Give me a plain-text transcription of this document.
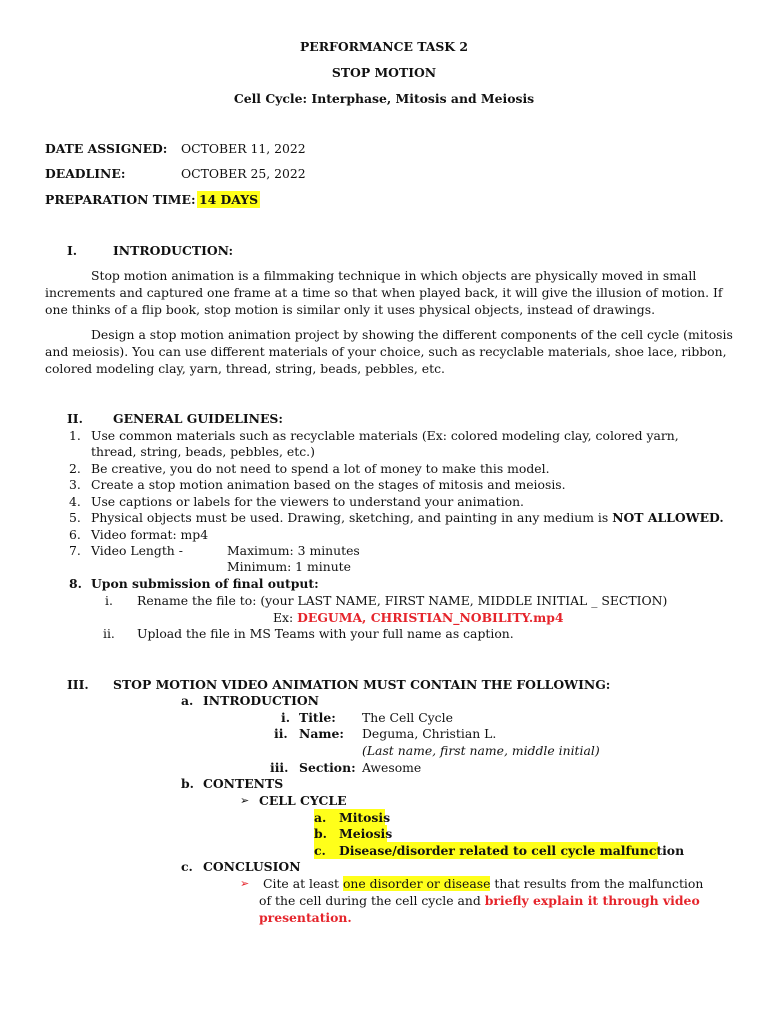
PERFORMANCE TASK 2
STOP MOTION
Cell Cycle: Interphase, Mitosis and Meiosis
DATE ASSIGNED: OCTOBER 11, 2022
DEADLINE:	OCTOBER 25, 2022
PREPARATION TIME: 14 DAYS
I.	INTRODUCTION:

Stop motion animation is a filmmaking technique in which objects are physically moved in small increments and captured one frame at a time so that when played back, it will give the illusion of motion. If one thinks of a flip book, stop motion is similar only it uses physical objects, instead of drawings.

Design a stop motion animation project by showing the different components of the cell cycle (mitosis and meiosis). You can use different materials of your choice, such as recyclable materials, shoe lace, ribbon, colored modeling clay, yarn, thread, string, beads, pebbles, etc.

II. GENERAL GUIDELINES:
1. Use common materials such as recyclable materials (Ex: colored modeling clay, colored yarn,
thread, string, beads, pebbles, etc.)
2. Be creative, you do not need to spend a lot of money to make this model.
3. Create a stop motion animation based on the stages of mitosis and meiosis.
4. Use captions or labels for the viewers to understand your animation.
5. Physical objects must be used. Drawing, sketching, and painting in any medium is NOT ALLOWED.
6. Video format: mp4
7. Video Length -	Maximum: 3 minutes
Minimum: 1 minute
8. Upon submission of final output:
i. Rename the file to: (your LAST NAME, FIRST NAME, MIDDLE INITIAL _ SECTION)
Ex: DEGUMA, CHRISTIAN_NOBILITY.mp4
ii. Upload the file in MS Teams with your full name as caption.
III. STOP MOTION VIDEO ANIMATION MUST CONTAIN THE FOLLOWING:
a. INTRODUCTION
i. Title: The Cell Cycle
ii. Name: Deguma, Christian L.
(Last name, first name, middle initial)
iii. Section: Awesome
b. CONTENTS
➢ CELL CYCLE
a. Mitosis
b. Meiosis
c. Disease/disorder related to cell cycle malfunction
c. CONCLUSION
➢ Cite at least one disorder or disease that results from the malfunction
of the cell during the cell cycle and briefly explain it through video
presentation.
